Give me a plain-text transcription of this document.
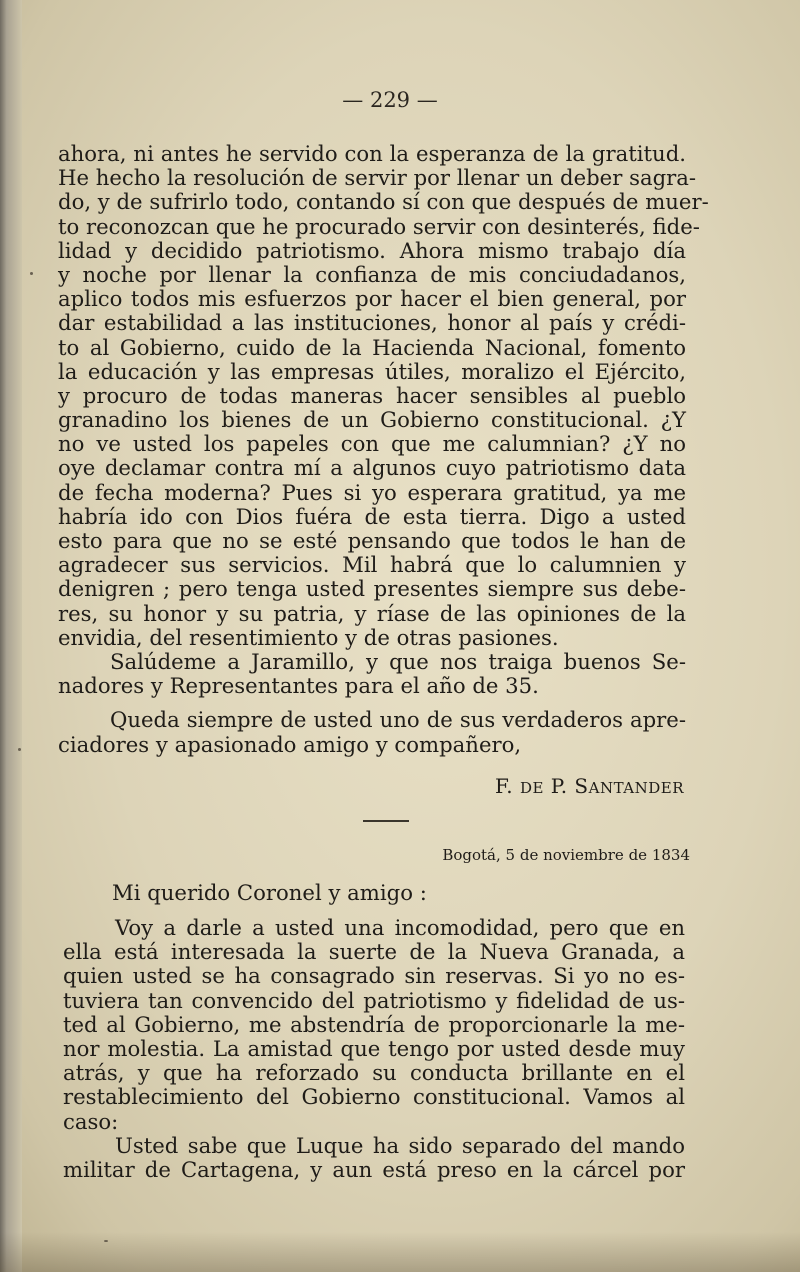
— 229 —
ahora, ni antes he servido con la esperanza de la gratitud.
He hecho la resolución de servir por llenar un deber sagra-
do, y de sufrirlo todo, contando sí con que después de muer-
to reconozcan que he procurado servir con desinterés, fide-
lidad y decidido patriotismo. Ahora mismo trabajo día
y noche por llenar la confianza de mis conciudadanos,
aplico todos mis esfuerzos por hacer el bien general, por
dar estabilidad a las instituciones, honor al país y crédi-
to al Gobierno, cuido de la Hacienda Nacional, fomento
la educación y las empresas útiles, moralizo el Ejército,
y procuro de todas maneras hacer sensibles al pueblo
granadino los bienes de un Gobierno constitucional. ¿Y
no ve usted los papeles con que me calumnian? ¿Y no
oye declamar contra mí a algunos cuyo patriotismo data
de fecha moderna? Pues si yo esperara gratitud, ya me
habría ido con Dios fuéra de esta tierra. Digo a usted
esto para que no se esté pensando que todos le han de
agradecer sus servicios. Mil habrá que lo calumnien y
denigren ; pero tenga usted presentes siempre sus debe-
res, su honor y su patria, y ríase de las opiniones de la
envidia, del resentimiento y de otras pasiones.
Salúdeme a Jaramillo, y que nos traiga buenos Se-
nadores y Representantes para el año de 35.
Queda siempre de usted uno de sus verdaderos apre-
ciadores y apasionado amigo y compañero,
F. DE P. SANTANDER
Bogotá, 5 de noviembre de 1834
Mi querido Coronel y amigo :
Voy a darle a usted una incomodidad, pero que en
ella está interesada la suerte de la Nueva Granada, a
quien usted se ha consagrado sin reservas. Si yo no es-
tuviera tan convencido del patriotismo y fidelidad de us-
ted al Gobierno, me abstendría de proporcionarle la me-
nor molestia. La amistad que tengo por usted desde muy
atrás, y que ha reforzado su conducta brillante en el
restablecimiento del Gobierno constitucional. Vamos al
caso:
Usted sabe que Luque ha sido separado del mando
militar de Cartagena, y aun está preso en la cárcel por
